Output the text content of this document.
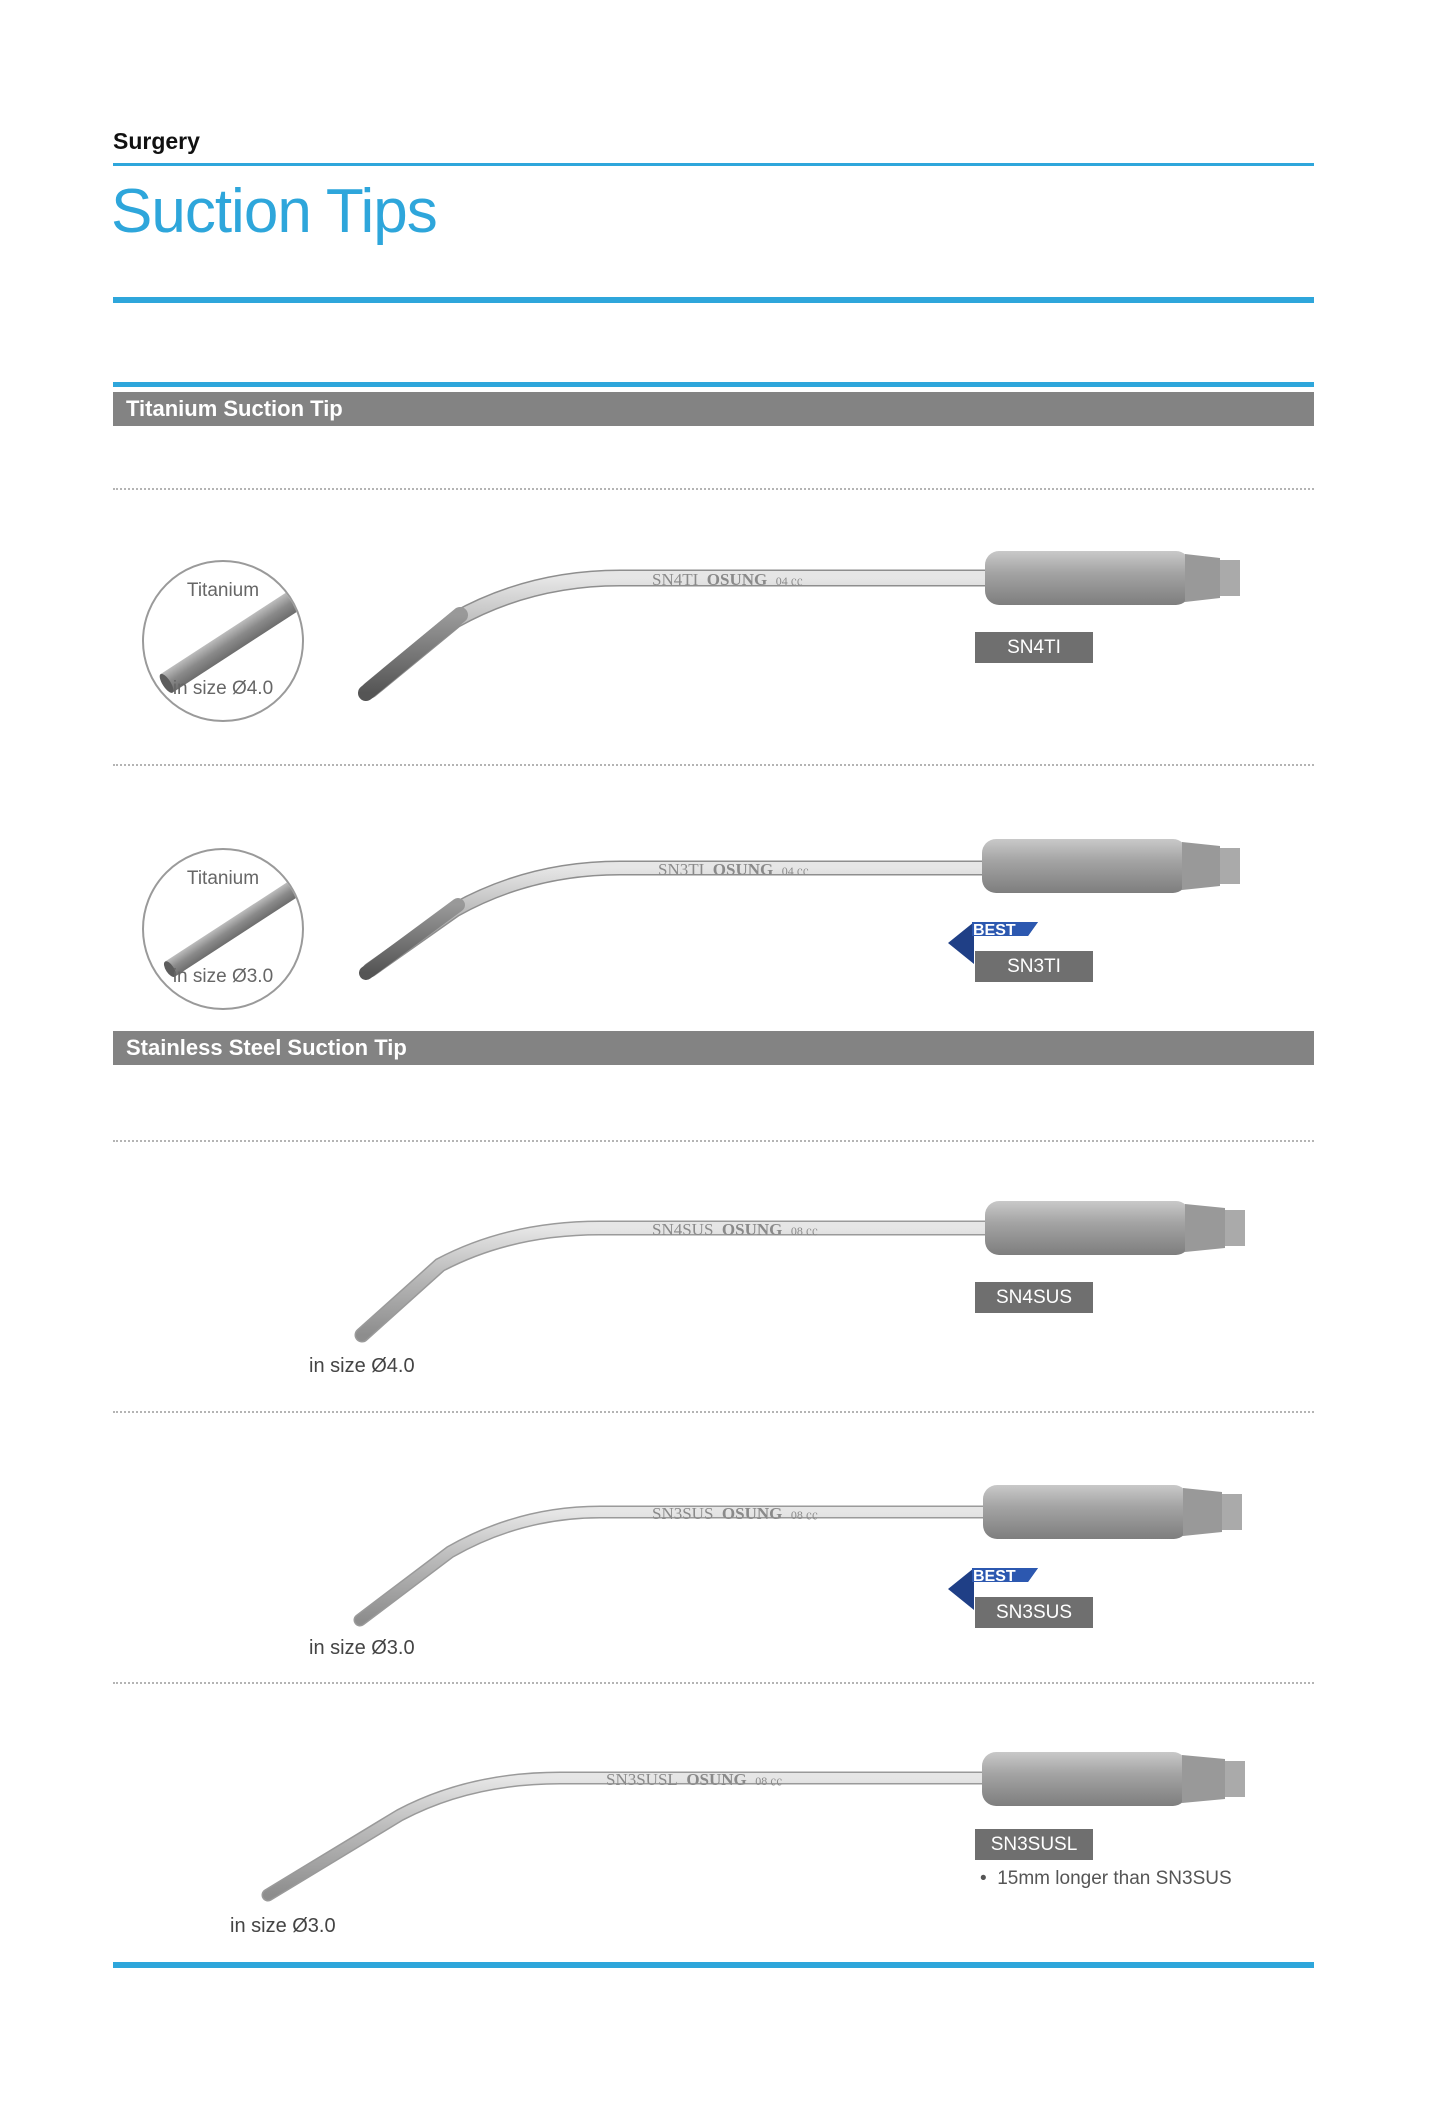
Surgery
Suction Tips
Titanium Suction Tip
Titanium
in size Ø4.0
SN4TI OSUNG 04 ㏄
SN3TI OSUNG 04 ㏄
SN4SUS OSUNG 08 ㏄
SN3SUS OSUNG 08 ㏄
SN3SUSL OSUNG 08 ㏄
SN4TI
Titanium
in size Ø3.0
BEST
SN3TI
Stainless Steel Suction Tip
SN4SUS
in size Ø4.0
BEST
SN3SUS
in size Ø3.0
SN3SUSL
•  15mm longer than SN3SUS
in size Ø3.0
